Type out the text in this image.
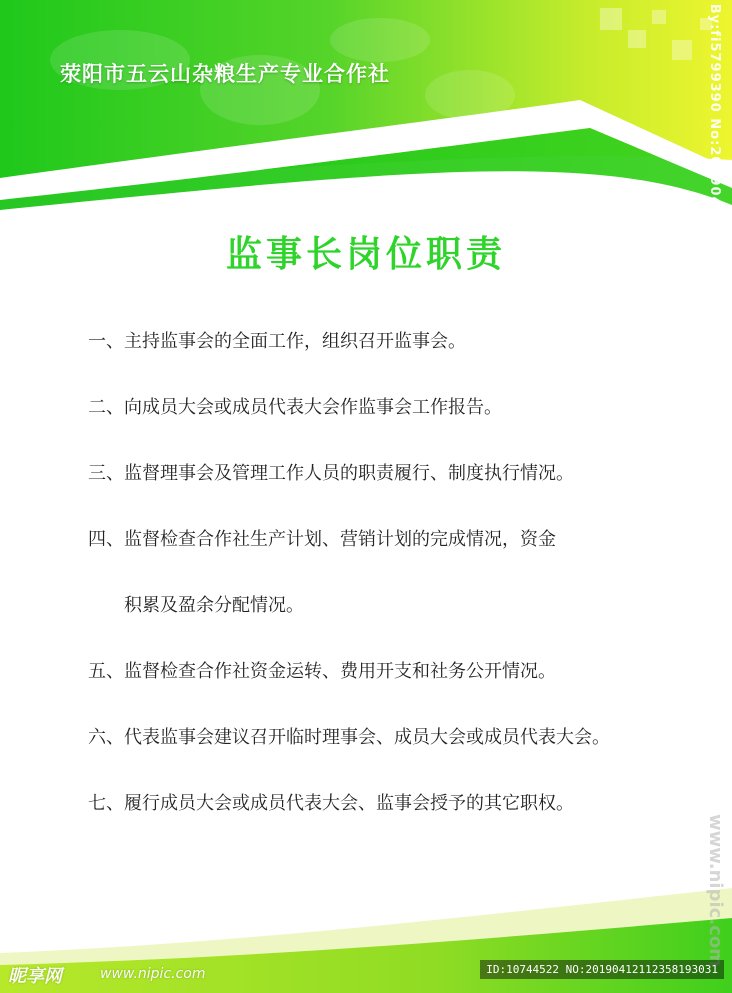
荥阳市五云山杂粮生产专业合作社
监事长岗位职责
一、主持监事会的全面工作，组织召开监事会。
二、向成员大会或成员代表大会作监事会工作报告。
三、监督理事会及管理工作人员的职责履行、制度执行情况。
四、监督检查合作社生产计划、营销计划的完成情况，资金
积累及盈余分配情况。
五、监督检查合作社资金运转、费用开支和社务公开情况。
六、代表监事会建议召开临时理事会、成员大会或成员代表大会。
七、履行成员大会或成员代表大会、监事会授予的其它职权。
By:fi5799390 No:20190412112358193031
www.nipic.com
昵享网	www.nipic.com	ID:10744522 NO:20190412112358193031
